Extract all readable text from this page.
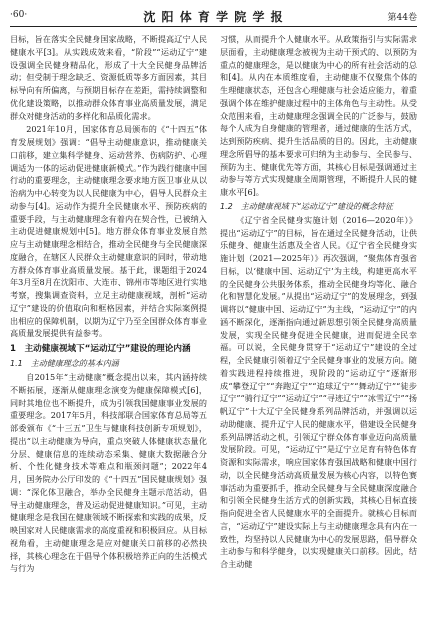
·60·	沈 阳 体 育 学 院 学 报	第44卷

目标，旨在落实全民健身国家战略，不断提高辽宁人民健康水平[3]。从实践成效来看，“阶段”“运动辽宁”建设强调全民健身精品化，形成了十大全民健身品牌活动；但受制于理念缺乏、资源低质等多方面因素，其目标导向有所偏离，与预期目标存在差距，需持续调整和优化建设策略，以推动群众体育事业高质量发展，满足群众对健身活动的多样化和品质化需求。

2021年10月，国家体育总局颁布的《“十四五”体育发展规划》强调：“倡导主动健康意识，推动健康关口前移，建立集科学健身、运动营养、伤病防护、心理调适为一体的运动促进健康新模式。”作为践行健康中国行动的重要理念，主动健康理念要求地方医卫事业从以治病为中心转变为以人民健康为中心，倡导人民群众主动参与[4]。运动作为提升全民健康水平、预防疾病的重要手段，与主动健康理念有着内在契合性，已被纳入主动促进健康规划中[5]。地方群众体育事业发展自然应与主动健康理念相结合，推动全民健身与全民健康深度融合，在辖区人民群众主动健康意识的同时，带动地方群众体育事业高质量发展。基于此，课题组于2024年3月至8月在沈阳市、大连市、锦州市等地区进行实地考察，搜集调查资料，立足主动健康视域，剖析“运动辽宁”建设的价值取向和框格因素，并结合实际案例提出相应的保障机制，以期为辽宁乃至全国群众体育事业高质量发展提供有益参考。

1　主动健康视域下“运动辽宁”建设的理论内涵
1.1　主动健康理念的基本内涵

自2015年“主动健康”概念提出以来，其内涵持续不断拓展，逐渐从健康理念演变为健康保障模式[6]，同时其地位也不断提升，成为引领我国健康事业发展的重要理念。2017年5月，科技部联合国家体育总局等五部委颁布《“十三五”卫生与健康科技创新专项规划》，提出“以主动健康为导向，重点突破人体健康状态量化分层、健康信息的连续动态采集、健康大数据融合分析、个性化健身技术等难点和瓶颈问题”；2022年4月，国务院办公厅印发的《“十四五”国民健康规划》强调：“深化体卫融合，举办全民健身主题示范活动，倡导主动健康理念，普及运动促进健康知识。”可见，主动健康理念是我国在健康领域不断探索和实践的成果，反映国家对人民健康需求的高度重视和积极回应。从目标视角看，主动健康理念是应对健康关口前移的必然抉择，其核心理念在于倡导个体积极培养正向的生活模式与行为

习惯，从而提升个人健康水平。从政策指引与实际需求层面看，主动健康理念被视为主动干预式的、以预防为重点的健康理念，是以健康为中心的所有社会活动的总和[4]。从内在本质维度看，主动健康不仅聚焦个体的生理健康状态，还包含心理健康与社会适应能力，着重强调个体在维护健康过程中的主体角色与主动性。从受众范围来看，主动健康理念强调全民的广泛参与，鼓励每个人成为自身健康的管理者，通过健康的生活方式，达到预防疾病、提升生活品质的目的。因此，主动健康理念所倡导的基本要求可归纳为主动参与、全民参与、预防为主、健康优先等方面，其核心目标是强调通过主动参与等方式实现健康全周期管理，不断提升人民的健康水平[6]。

1.2　主动健康视域下“运动辽宁”建设的概念特征

《辽宁省全民健身实施计划（2016—2020年）》提出“运动辽宁”的目标，旨在通过全民健身活动，让供乐健身、健康生活惠及全省人民。《辽宁省全民健身实施计划（2021—2025年）》再次强调，“聚焦体育强省目标，以‘健康中国、运动辽宁’为主线，构建更高水平的全民健身公共服务体系，推动全民健身均等化、融合化和智慧化发展。”从提出“运动辽宁”的发展理念，到强调将以“健康中国、运动辽宁”为主线，“运动辽宁”的内涵不断深化，逐渐指向通过新思想引领全民健身高质量发展，实现全民健身促进全民健康，进而促进全民幸福。可以说，全民健身贯穿于“运动辽宁”建设的全过程，全民健康引领着辽宁全民健身事业的发展方向。随着实践进程持续推进，现阶段的“运动辽宁”逐渐形成“攀登辽宁”“奔跑辽宁”“追球辽宁”“舞动辽宁”“徒步辽宁”“骑行辽宁”“运动辽宁”“寻迹辽宁”“冰雪辽宁”“扬帆辽宁”十大辽宁全民健身系列品牌活动，并强调以运动助健康、提升辽宁人民的健康水平，借建设全民健身系列品牌活动之机，引领辽宁群众体育事业迈向高质量发展阶段。可见，“运动辽宁”是辽宁立足育有特色体育资源和实际需求，响应国家体育强国战略和健康中国行动，以全民健身活动高质量发展为核心内容，以特色赛事活动为重要抓手，推动全民健身与全民健康深度融合和引领全民健身生活方式的创新实践，其核心目标直接指向促进全省人民健康水平的全面提升。就核心目标而言，“运动辽宁”建设实际上与主动健康理念具有内在一致性，均坚持以人民健康为中心的发展思路，倡导群众主动参与和科学健身，以实现健康关口前移。因此，结合主动健
